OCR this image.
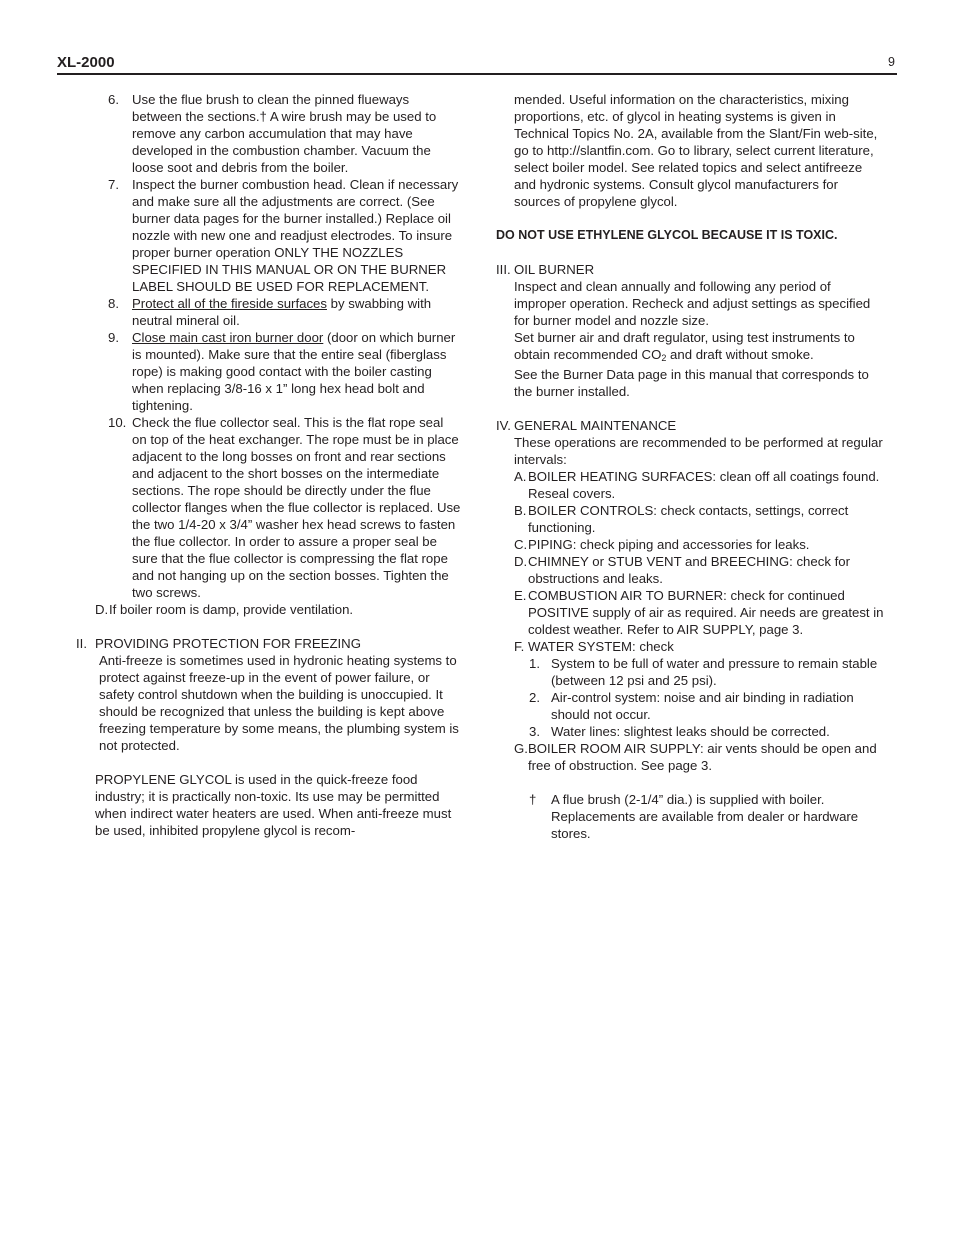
XL-2000	9
6. Use the flue brush to clean the pinned flueways between the sections.† A wire brush may be used to remove any carbon accumulation that may have developed in the combustion chamber. Vacuum the loose soot and debris from the boiler.
7. Inspect the burner combustion head. Clean if necessary and make sure all the adjustments are correct. (See burner data pages for the burner installed.) Replace oil nozzle with new one and readjust electrodes. To insure proper burner operation ONLY THE NOZZLES SPECIFIED IN THIS MANUAL OR ON THE BURNER LABEL SHOULD BE USED FOR REPLACEMENT.
8. Protect all of the fireside surfaces by swabbing with neutral mineral oil.
9. Close main cast iron burner door (door on which burner is mounted). Make sure that the entire seal (fiberglass rope) is making good contact with the boiler casting when replacing 3/8-16 x 1” long hex head bolt and tightening.
10. Check the flue collector seal. This is the flat rope seal on top of the heat exchanger. The rope must be in place adjacent to the long bosses on front and rear sections and adjacent to the short bosses on the intermediate sections. The rope should be directly under the flue collector flanges when the flue collector is replaced. Use the two 1/4-20 x 3/4” washer hex head screws to fasten the flue collector. In order to assure a proper seal be sure that the flue collector is compressing the flat rope and not hanging up on the section bosses. Tighten the two screws.
D. If boiler room is damp, provide ventilation.
II. PROVIDING PROTECTION FOR FREEZING

Anti-freeze is sometimes used in hydronic heating systems to protect against freeze-up in the event of power failure, or safety control shutdown when the building is unoccupied. It should be recognized that unless the building is kept above freezing temperature by some means, the plumbing system is not protected.

PROPYLENE GLYCOL is used in the quick-freeze food industry; it is practically non-toxic. Its use may be permitted when indirect water heaters are used. When anti-freeze must be used, inhibited propylene glycol is recom-

mended. Useful information on the characteristics, mixing proportions, etc. of glycol in heating systems is given in Technical Topics No. 2A, available from the Slant/Fin web-site, go to http://slantfin.com. Go to library, select current literature, select boiler model. See related topics and select antifreeze and hydronic systems. Consult glycol manufacturers for sources of propylene glycol.

DO NOT USE ETHYLENE GLYCOL BECAUSE IT IS TOXIC.

III. OIL BURNER

Inspect and clean annually and following any period of improper operation. Recheck and adjust settings as specified for burner model and nozzle size.

Set burner air and draft regulator, using test instruments to obtain recommended $CO_2$ and draft without smoke.

See the Burner Data page in this manual that corresponds to the burner installed.

IV. GENERAL MAINTENANCE

These operations are recommended to be performed at regular intervals:

A. BOILER HEATING SURFACES: clean off all coatings found. Reseal covers.
B. BOILER CONTROLS: check contacts, settings, correct functioning.
C. PIPING: check piping and accessories for leaks.
D. CHIMNEY or STUB VENT and BREECHING: check for obstructions and leaks.
E. COMBUSTION AIR TO BURNER: check for continued POSITIVE supply of air as required. Air needs are greatest in coldest weather. Refer to AIR SUPPLY, page 3.
F. WATER SYSTEM: check
1. System to be full of water and pressure to remain stable (between 12 psi and 25 psi).
2. Air-control system: noise and air binding in radiation should not occur.
3. Water lines: slightest leaks should be corrected.
G. BOILER ROOM AIR SUPPLY: air vents should be open and free of obstruction. See page 3.
†	A flue brush (2-1/4” dia.) is supplied with boiler. Replacements are available from dealer or hardware stores.
